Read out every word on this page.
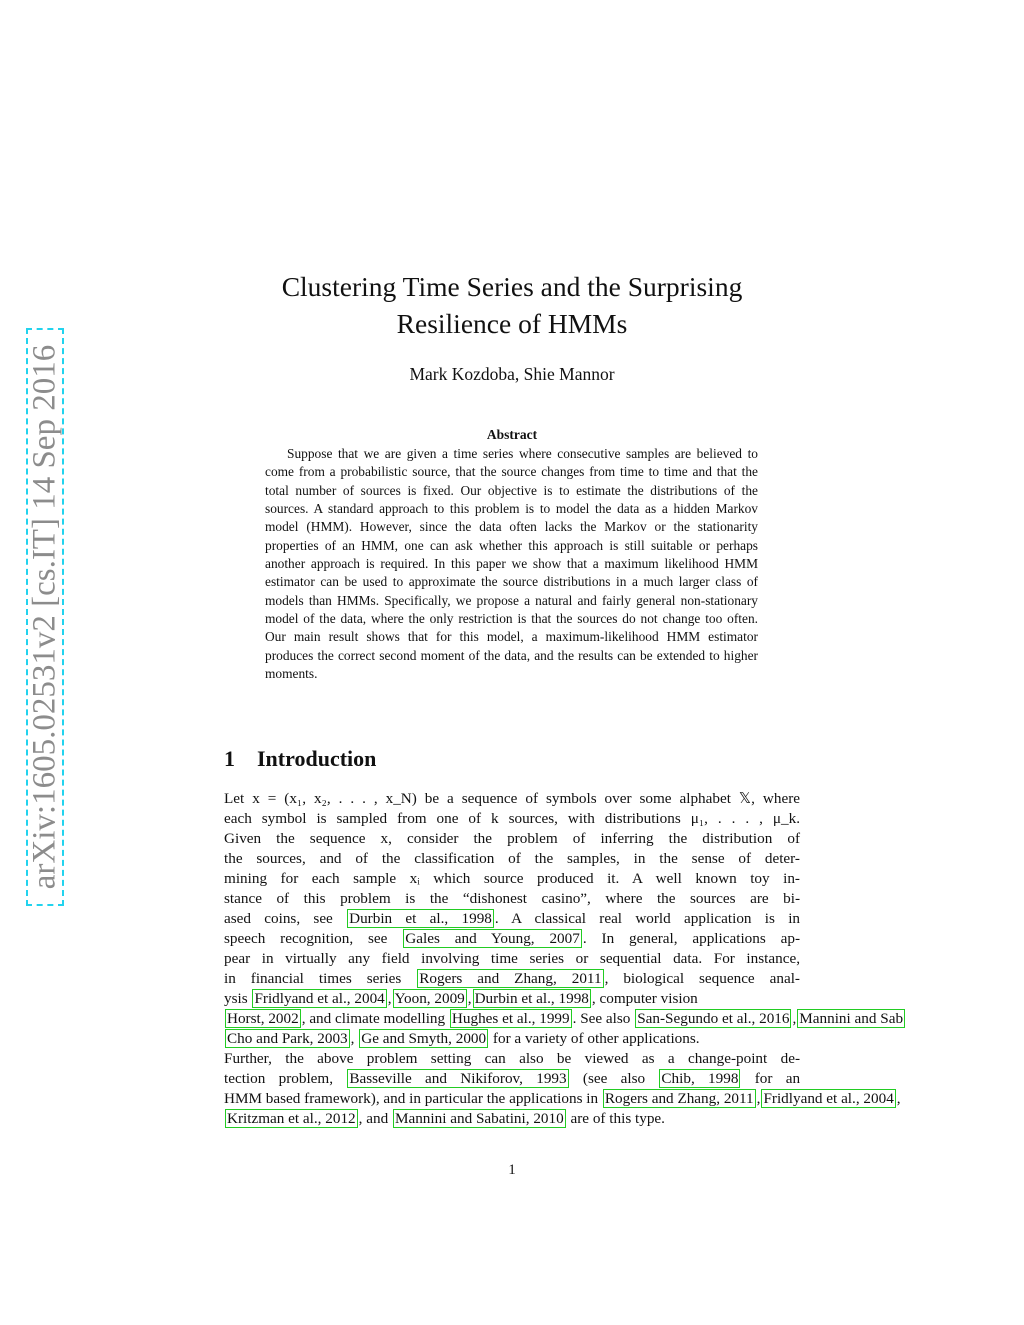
arXiv:1605.02531v2 [cs.IT] 14 Sep 2016
Clustering Time Series and the Surprising
Resilience of HMMs
Mark Kozdoba, Shie Mannor
Abstract
Suppose that we are given a time series where consecutive samples are believed to come from a probabilistic source, that the source changes from time to time and that the total number of sources is fixed. Our objective is to estimate the distributions of the sources. A standard approach to this problem is to model the data as a hidden Markov model (HMM). However, since the data often lacks the Markov or the stationarity properties of an HMM, one can ask whether this approach is still suitable or perhaps another approach is required. In this paper we show that a maximum likelihood HMM estimator can be used to approximate the source distributions in a much larger class of models than HMMs. Specifically, we propose a natural and fairly general non-stationary model of the data, where the only restriction is that the sources do not change too often. Our main result shows that for this model, a maximum-likelihood HMM estimator produces the correct second moment of the data, and the results can be extended to higher moments.
1 Introduction
Let x = (x₁, x₂, . . . , x_N) be a sequence of symbols over some alphabet 𝕏, where
each symbol is sampled from one of k sources, with distributions μ₁, . . . , μ_k.
Given the sequence x, consider the problem of inferring the distribution of
the sources, and of the classification of the samples, in the sense of deter-
mining for each sample xᵢ which source produced it. A well known toy in-
stance of this problem is the “dishonest casino”, where the sources are bi-
ased coins, see Durbin et al., 1998 . A classical real world application is in
speech recognition, see Gales and Young, 2007 . In general, applications ap-
pear in virtually any field involving time series or sequential data. For instance,
in financial times series Rogers and Zhang, 2011 , biological sequence anal-
ysis Fridlyand et al., 2004 , Yoon, 2009 , Durbin et al., 1998 , computer vision
Horst, 2002 , and climate modelling Hughes et al., 1999 . See also San-Segundo et al., 2016 , Mannini and Sab
Cho and Park, 2003 , Ge and Smyth, 2000 for a variety of other applications.
Further, the above problem setting can also be viewed as a change-point de-
tection problem, Basseville and Nikiforov, 1993 (see also Chib, 1998 for an
HMM based framework), and in particular the applications in Rogers and Zhang, 2011 , Fridlyand et al., 2004 ,
Kritzman et al., 2012 , and Mannini and Sabatini, 2010 are of this type.
1
